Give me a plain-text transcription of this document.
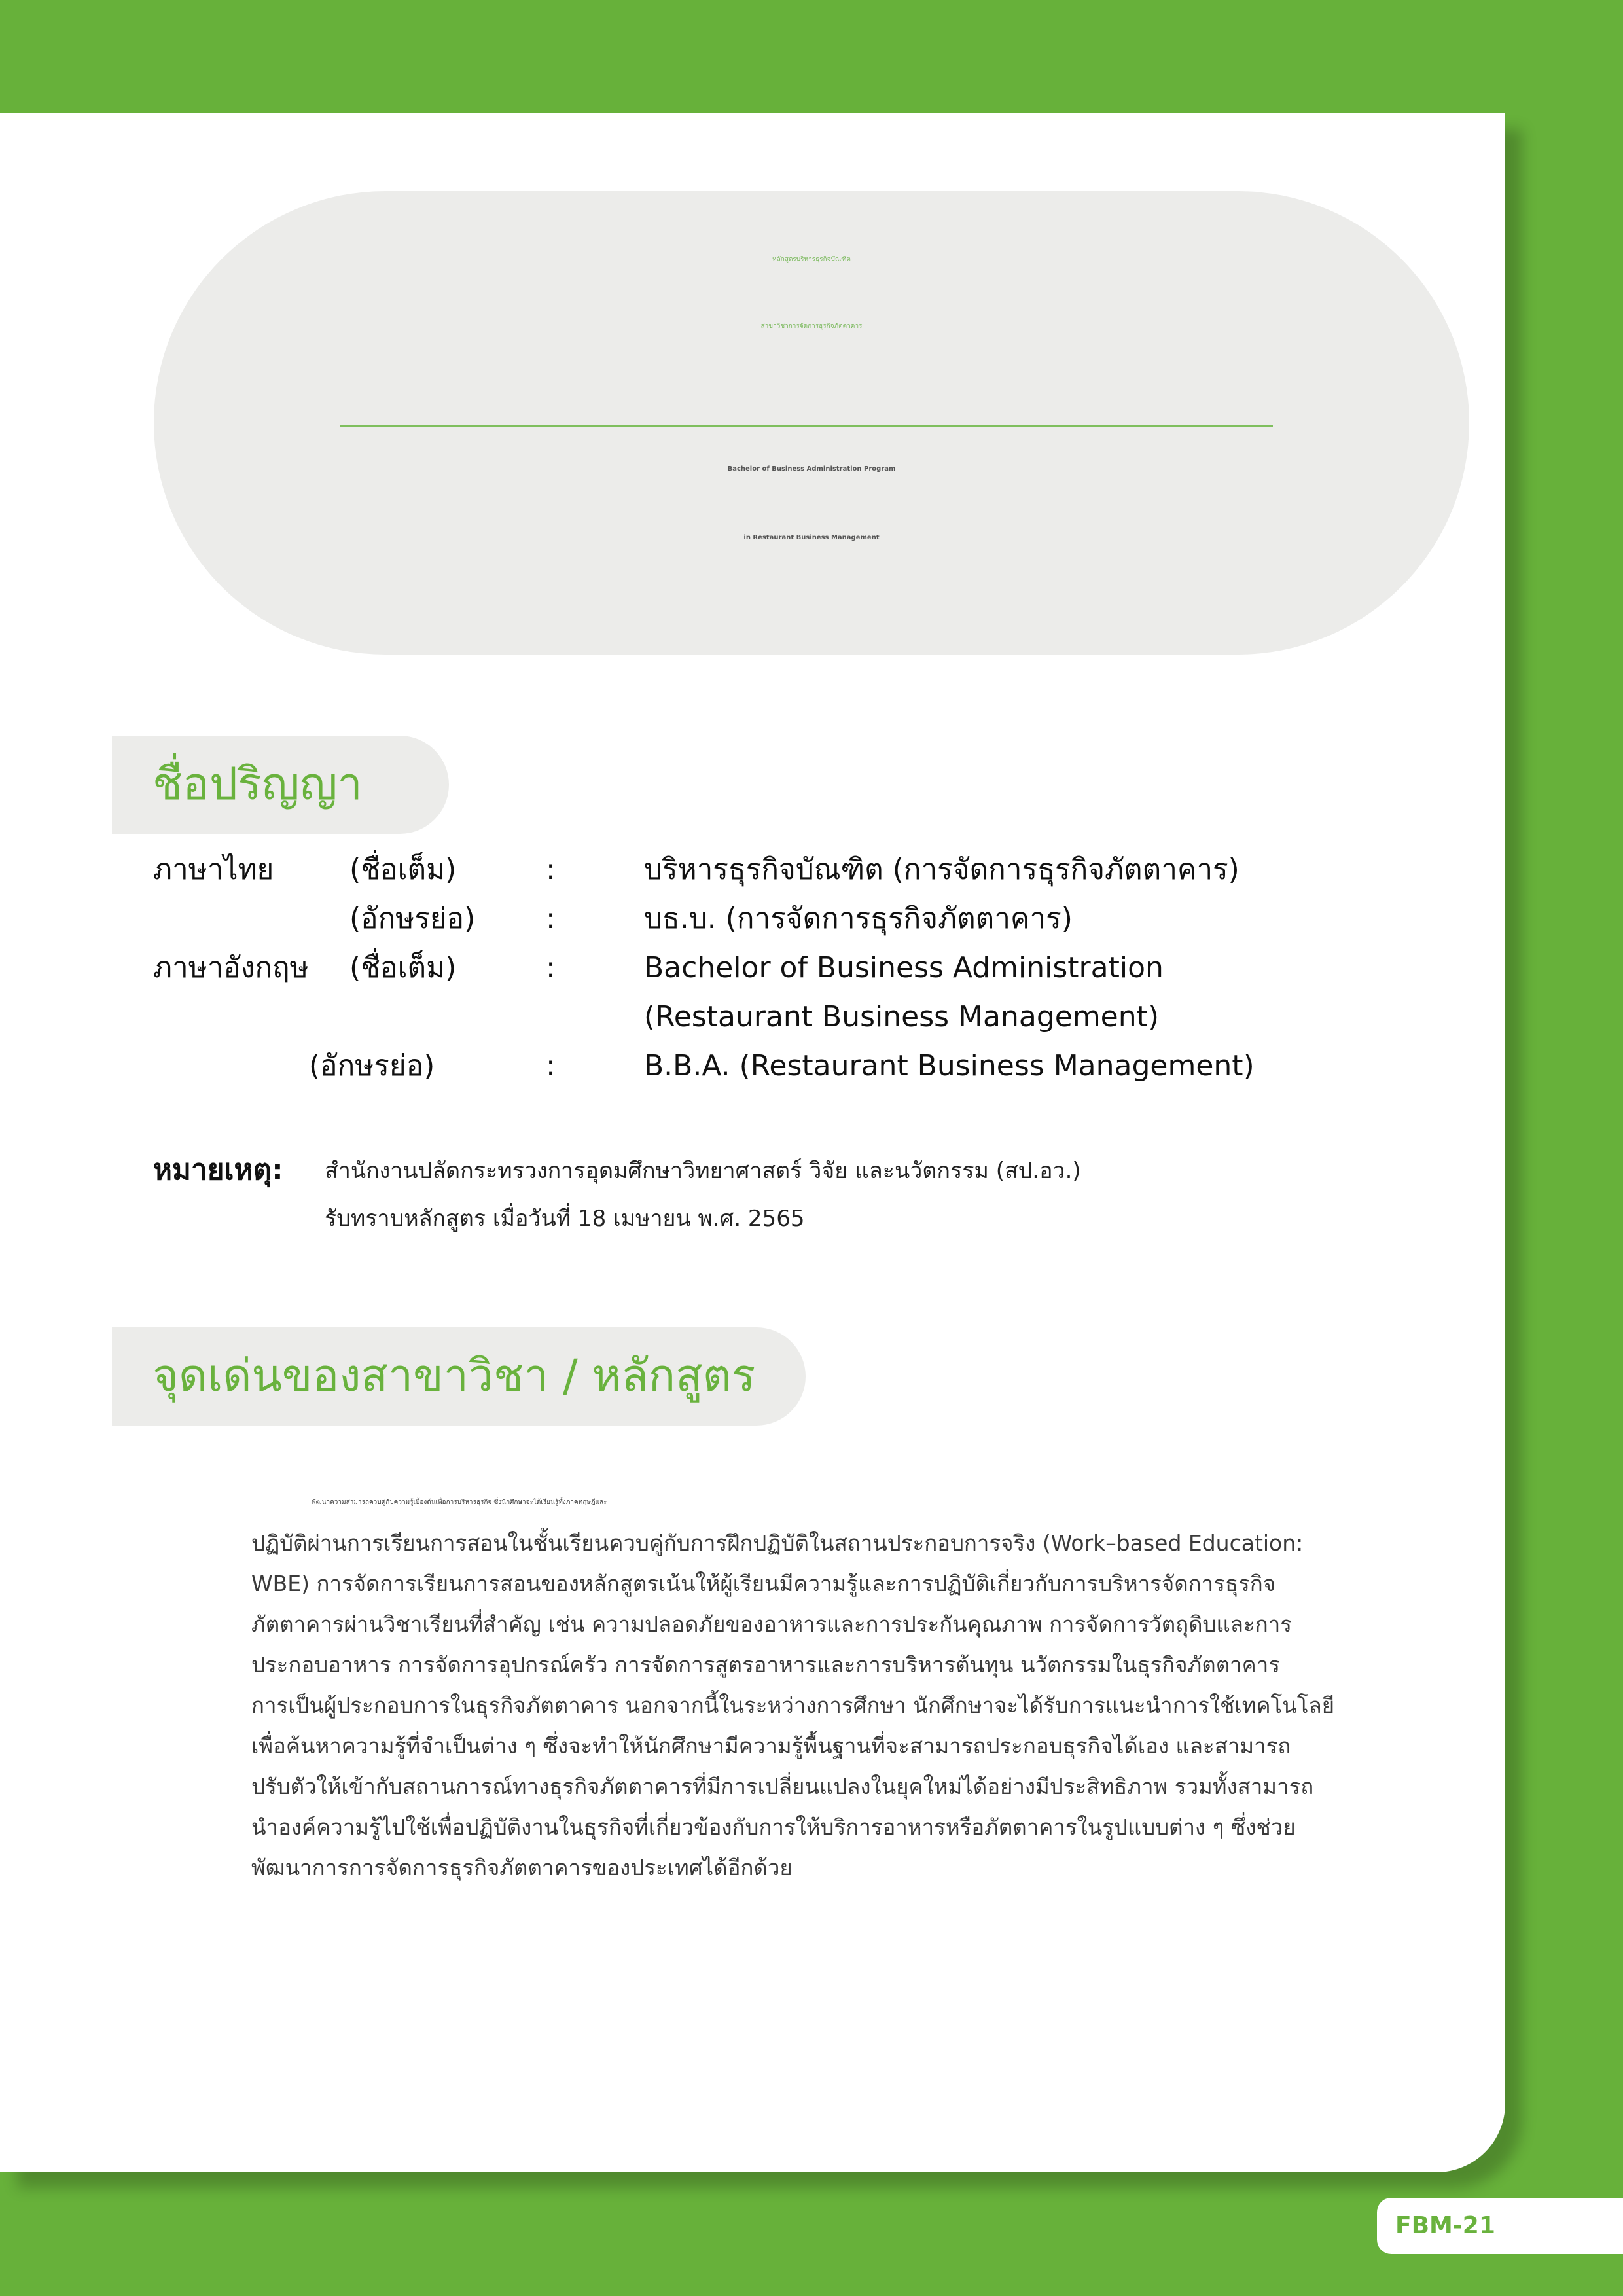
หลักสูตรบริหารธุรกิจบัณฑิต
สาขาวิชาการจัดการธุรกิจภัตตาคาร
Bachelor of Business Administration Program
in Restaurant Business Management
ชื่อปริญญา
ภาษาไทย	(ชื่อเต็ม)	:	บริหารธุรกิจบัณฑิต (การจัดการธุรกิจภัตตาคาร)
(อักษรย่อ) :	บธ.บ. (การจัดการธุรกิจภัตตาคาร)
ภาษาอังกฤษ (ชื่อเต็ม)	:	Bachelor of Business Administration
(Restaurant Business Management)
(อักษรย่อ)	:	B.B.A. (Restaurant Business Management)
หมายเหตุ: สำนักงานปลัดกระทรวงการอุดมศึกษาวิทยาศาสตร์ วิจัย และนวัตกรรม (สป.อว.)
รับทราบหลักสูตร เมื่อวันที่ 18 เมษายน พ.ศ. 2565
จุดเด่นของสาขาวิชา / หลักสูตร
พัฒนาความสามารถควบคู่กับความรู้เบื้องต้นเพื่อการบริหารธุรกิจ ซึ่งนักศึกษาจะได้เรียนรู้ทั้งภาคทฤษฎีและ
ปฏิบัติผ่านการเรียนการสอนในชั้นเรียนควบคู่กับการฝึกปฏิบัติในสถานประกอบการจริง (Work–based Education:
WBE) การจัดการเรียนการสอนของหลักสูตรเน้นให้ผู้เรียนมีความรู้และการปฏิบัติเกี่ยวกับการบริหารจัดการธุรกิจ
ภัตตาคารผ่านวิชาเรียนที่สำคัญ เช่น ความปลอดภัยของอาหารและการประกันคุณภาพ การจัดการวัตถุดิบและการ
ประกอบอาหาร การจัดการอุปกรณ์ครัว การจัดการสูตรอาหารและการบริหารต้นทุน นวัตกรรมในธุรกิจภัตตาคาร
การเป็นผู้ประกอบการในธุรกิจภัตตาคาร นอกจากนี้ในระหว่างการศึกษา นักศึกษาจะได้รับการแนะนำการใช้เทคโนโลยี
เพื่อค้นหาความรู้ที่จำเป็นต่าง ๆ ซึ่งจะทำให้นักศึกษามีความรู้พื้นฐานที่จะสามารถประกอบธุรกิจได้เอง และสามารถ
ปรับตัวให้เข้ากับสถานการณ์ทางธุรกิจภัตตาคารที่มีการเปลี่ยนแปลงในยุคใหม่ได้อย่างมีประสิทธิภาพ รวมทั้งสามารถ
นำองค์ความรู้ไปใช้เพื่อปฏิบัติงานในธุรกิจที่เกี่ยวข้องกับการให้บริการอาหารหรือภัตตาคารในรูปแบบต่าง ๆ ซึ่งช่วย
พัฒนาการการจัดการธุรกิจภัตตาคารของประเทศได้อีกด้วย
FBM-21
